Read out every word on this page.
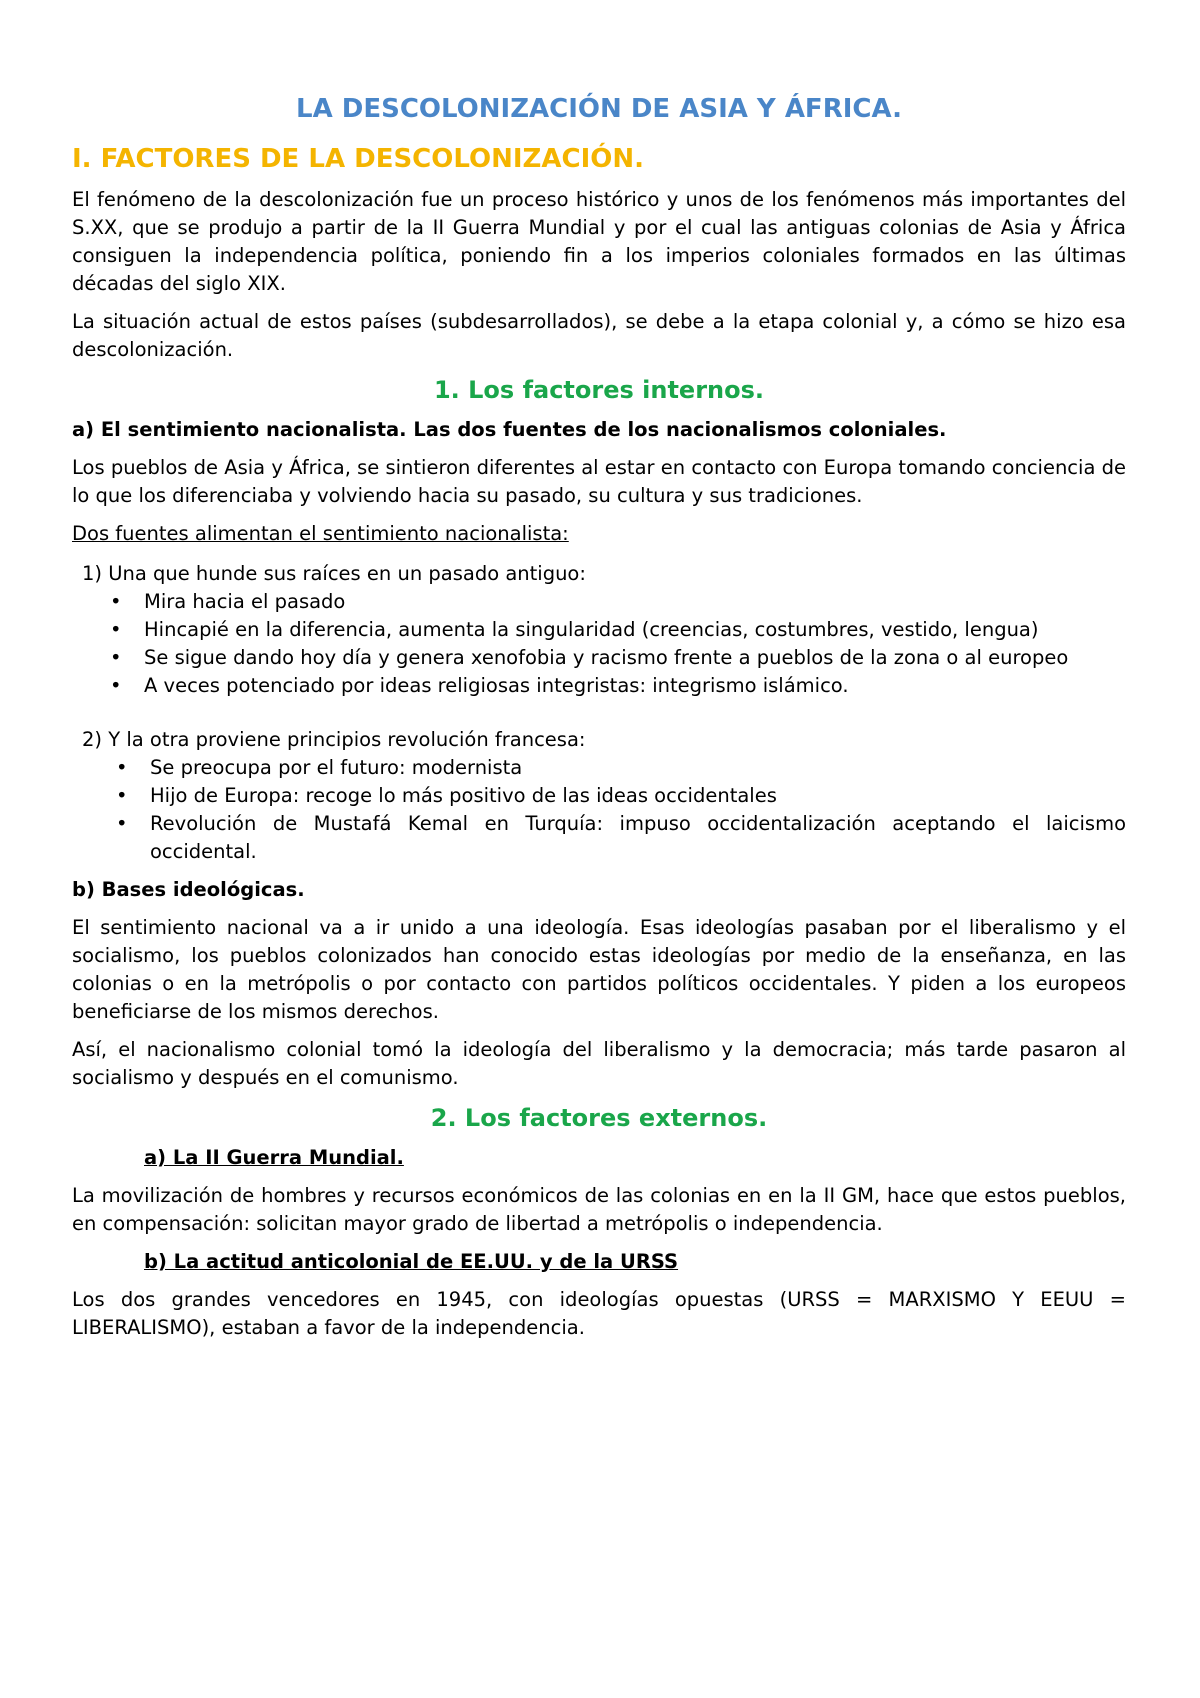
LA DESCOLONIZACIÓN DE ASIA Y ÁFRICA.
I. FACTORES DE LA DESCOLONIZACIÓN.

El fenómeno de la descolonización fue un proceso histórico y unos de los fenómenos más importantes del S.XX, que se produjo a partir de la II Guerra Mundial y por el cual las antiguas colonias de Asia y África consiguen la independencia política, poniendo fin a los imperios coloniales formados en las últimas décadas del siglo XIX.

La situación actual de estos países (subdesarrollados), se debe a la etapa colonial y, a cómo se hizo esa descolonización.

1. Los factores internos.
a) El sentimiento nacionalista. Las dos fuentes de los nacionalismos coloniales.

Los pueblos de Asia y África, se sintieron diferentes al estar en contacto con Europa tomando conciencia de lo que los diferenciaba y volviendo hacia su pasado, su cultura y sus tradiciones.

Dos fuentes alimentan el sentimiento nacionalista:

1) Una que hunde sus raíces en un pasado antiguo:
• Mira hacia el pasado
• Hincapié en la diferencia, aumenta la singularidad (creencias, costumbres, vestido, lengua)
• Se sigue dando hoy día y genera xenofobia y racismo frente a pueblos de la zona o al europeo
• A veces potenciado por ideas religiosas integristas: integrismo islámico.
2) Y la otra proviene principios revolución francesa:
• Se preocupa por el futuro: modernista
• Hijo de Europa: recoge lo más positivo de las ideas occidentales
• Revolución de Mustafá Kemal en Turquía: impuso occidentalización aceptando el laicismo occidental.
b) Bases ideológicas.

El sentimiento nacional va a ir unido a una ideología. Esas ideologías pasaban por el liberalismo y el socialismo, los pueblos colonizados han conocido estas ideologías por medio de la enseñanza, en las colonias o en la metrópolis o por contacto con partidos políticos occidentales. Y piden a los europeos beneficiarse de los mismos derechos.

Así, el nacionalismo colonial tomó la ideología del liberalismo y la democracia; más tarde pasaron al socialismo y después en el comunismo.

2. Los factores externos.
a) La II Guerra Mundial.

La movilización de hombres y recursos económicos de las colonias en en la II GM, hace que estos pueblos, en compensación: solicitan mayor grado de libertad a metrópolis o independencia.

b) La actitud anticolonial de EE.UU. y de la URSS

Los dos grandes vencedores en 1945, con ideologías opuestas (URSS = MARXISMO Y EEUU = LIBERALISMO), estaban a favor de la independencia.
